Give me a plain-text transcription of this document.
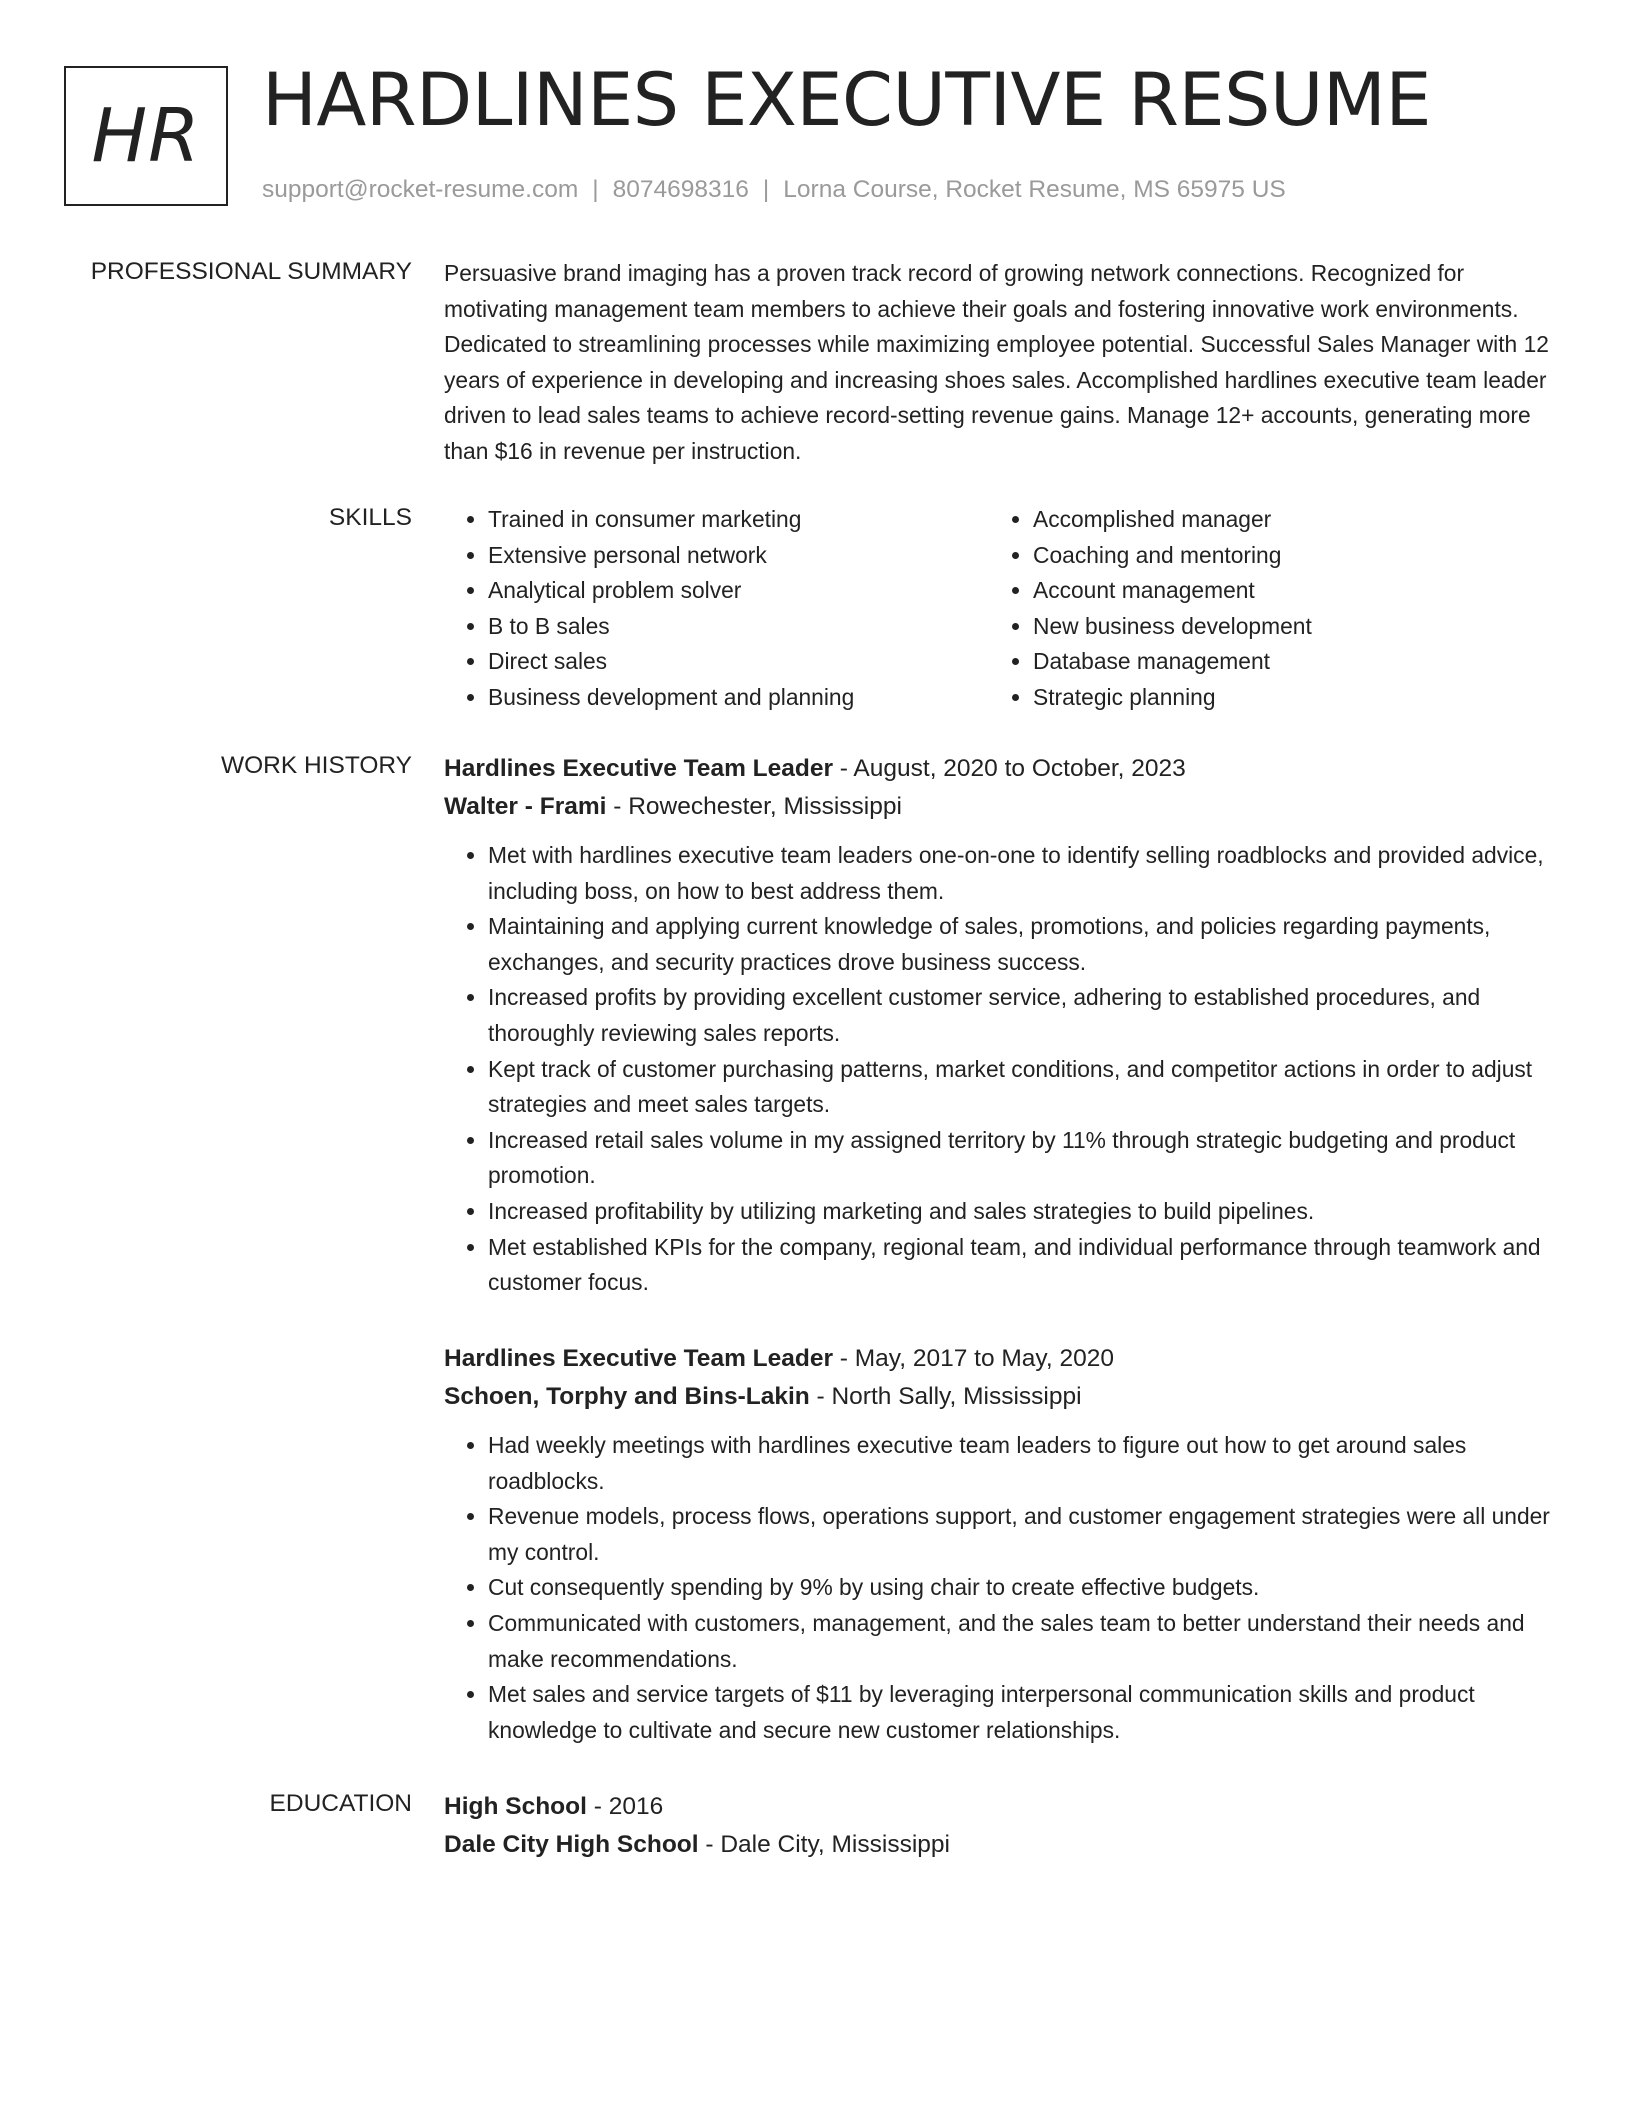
HR HARDLINES EXECUTIVE RESUME
support@rocket-resume.com | 8074698316 | Lorna Course, Rocket Resume, MS 65975 US
PROFESSIONAL SUMMARY Persuasive brand imaging has a proven track record of growing network connections. Recognized for motivating management team members to achieve their goals and fostering innovative work environments. Dedicated to streamlining processes while maximizing employee potential. Successful Sales Manager with 12 years of experience in developing and increasing shoes sales. Accomplished hardlines executive team leader driven to lead sales teams to achieve record-setting revenue gains. Manage 12+ accounts, generating more than $16 in revenue per instruction.

SKILLS
•	Trained in consumer marketing
• Extensive personal network
• Analytical problem solver
• B to B sales
• Direct sales
• Business development and planning
• Accomplished manager
• Coaching and mentoring
• Account management
• New business development
• Database management
• Strategic planning
WORK HISTORY Hardlines Executive Team Leader - August, 2020 to October, 2023
Walter - Frami - Rowechester, Mississippi
• Met with hardlines executive team leaders one-on-one to identify selling roadblocks and provided advice, including boss, on how to best address them.
• Maintaining and applying current knowledge of sales, promotions, and policies regarding payments, exchanges, and security practices drove business success.
• Increased profits by providing excellent customer service, adhering to established procedures, and thoroughly reviewing sales reports.
• Kept track of customer purchasing patterns, market conditions, and competitor actions in order to adjust strategies and meet sales targets.
• Increased retail sales volume in my assigned territory by 11% through strategic budgeting and product promotion.
• Increased profitability by utilizing marketing and sales strategies to build pipelines.
• Met established KPIs for the company, regional team, and individual performance through teamwork and customer focus.
Hardlines Executive Team Leader - May, 2017 to May, 2020
Schoen, Torphy and Bins-Lakin - North Sally, Mississippi
• Had weekly meetings with hardlines executive team leaders to figure out how to get around sales roadblocks.
• Revenue models, process flows, operations support, and customer engagement strategies were all under my control.
• Cut consequently spending by 9% by using chair to create effective budgets.
• Communicated with customers, management, and the sales team to better understand their needs and make recommendations.
• Met sales and service targets of $11 by leveraging interpersonal communication skills and product knowledge to cultivate and secure new customer relationships.
EDUCATION High School - 2016
Dale City High School - Dale City, Mississippi
